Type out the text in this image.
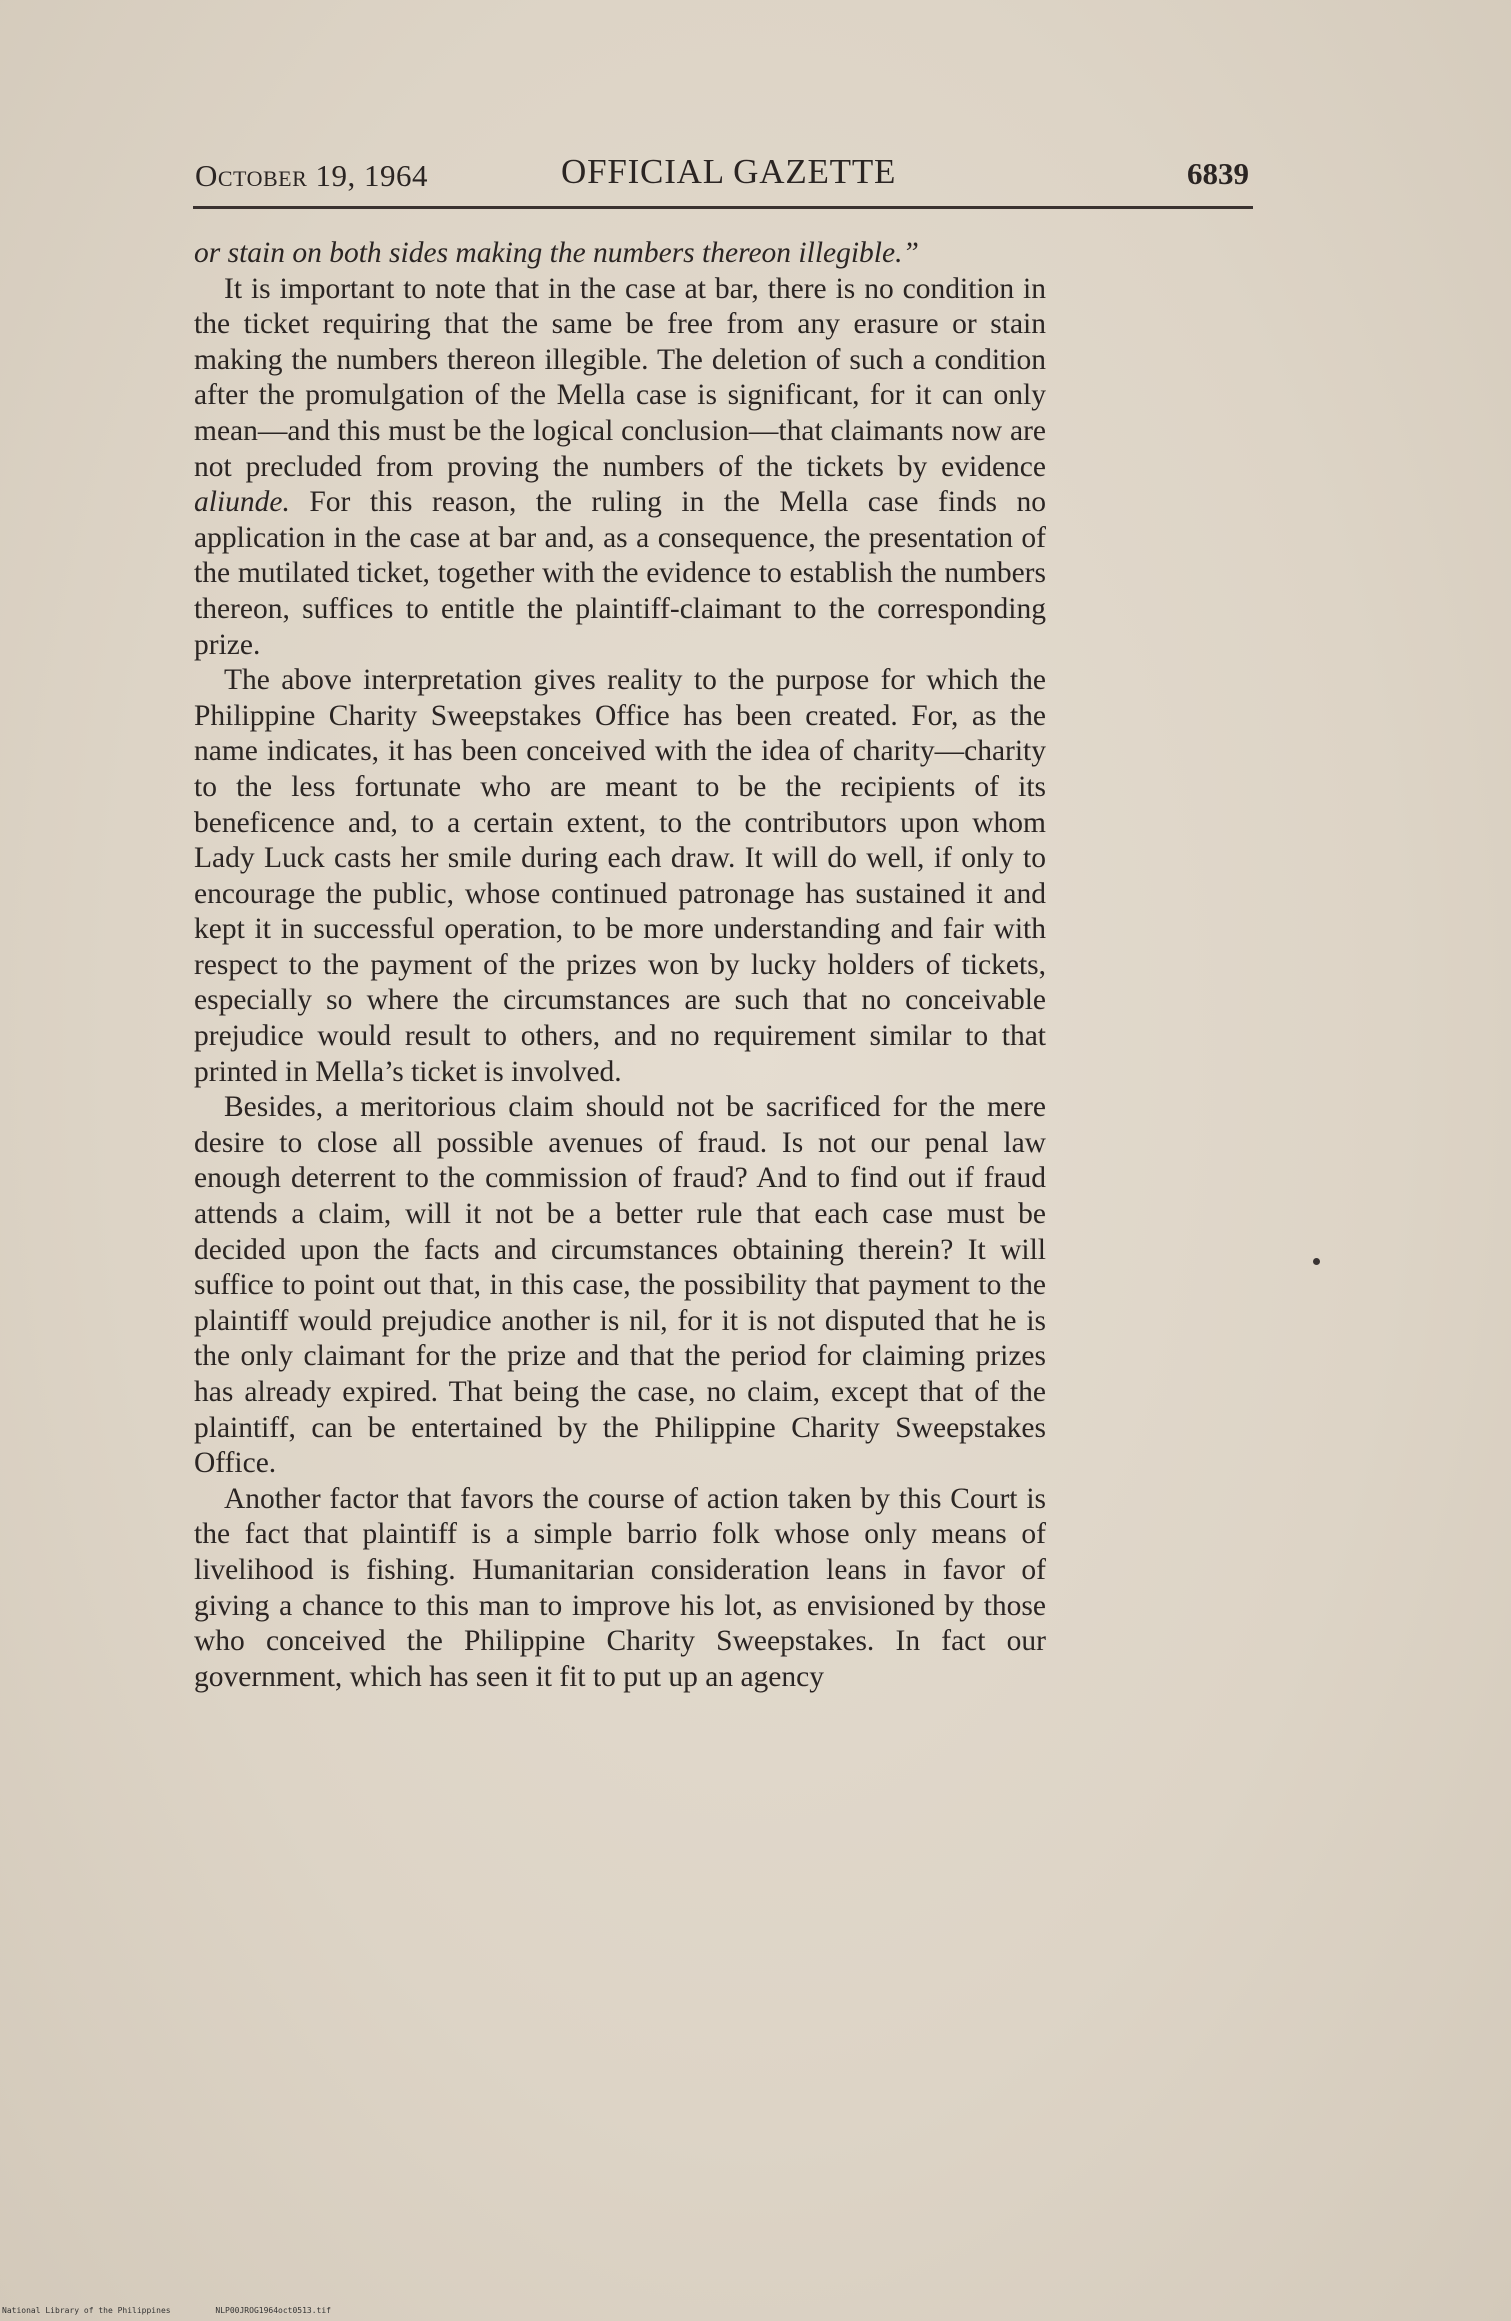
October 19, 1964	OFFICIAL GAZETTE	6839

or stain on both sides making the numbers thereon illegible.”

It is important to note that in the case at bar, there is no condition in the ticket requiring that the same be free from any erasure or stain making the numbers thereon illegible. The deletion of such a condition after the promulgation of the Mella case is significant, for it can only mean—and this must be the logical conclusion—that claimants now are not precluded from proving the numbers of the tickets by evidence aliunde. For this reason, the ruling in the Mella case finds no application in the case at bar and, as a consequence, the presentation of the mutilated ticket, together with the evidence to establish the numbers thereon, suffices to entitle the plaintiff-claimant to the corresponding prize.

The above interpretation gives reality to the purpose for which the Philippine Charity Sweepstakes Office has been created. For, as the name indicates, it has been conceived with the idea of charity—charity to the less fortunate who are meant to be the recipients of its beneficence and, to a certain extent, to the contributors upon whom Lady Luck casts her smile during each draw. It will do well, if only to encourage the public, whose continued patronage has sustained it and kept it in successful operation, to be more understanding and fair with respect to the payment of the prizes won by lucky holders of tickets, especially so where the circumstances are such that no conceivable prejudice would result to others, and no requirement similar to that printed in Mella’s ticket is involved.

Besides, a meritorious claim should not be sacrificed for the mere desire to close all possible avenues of fraud. Is not our penal law enough deterrent to the commission of fraud? And to find out if fraud attends a claim, will it not be a better rule that each case must be decided upon the facts and circumstances obtaining therein? It will suffice to point out that, in this case, the possibility that payment to the plaintiff would prejudice another is nil, for it is not disputed that he is the only claimant for the prize and that the period for claiming prizes has already expired. That being the case, no claim, except that of the plaintiff, can be entertained by the Philippine Charity Sweepstakes Office.

Another factor that favors the course of action taken by this Court is the fact that plaintiff is a simple barrio folk whose only means of livelihood is fishing. Humanitarian consideration leans in favor of giving a chance to this man to improve his lot, as envisioned by those who conceived the Philippine Charity Sweepstakes. In fact our government, which has seen it fit to put up an agency

National Library of the Philippines	NLP00JROG1964oct0513.tif
